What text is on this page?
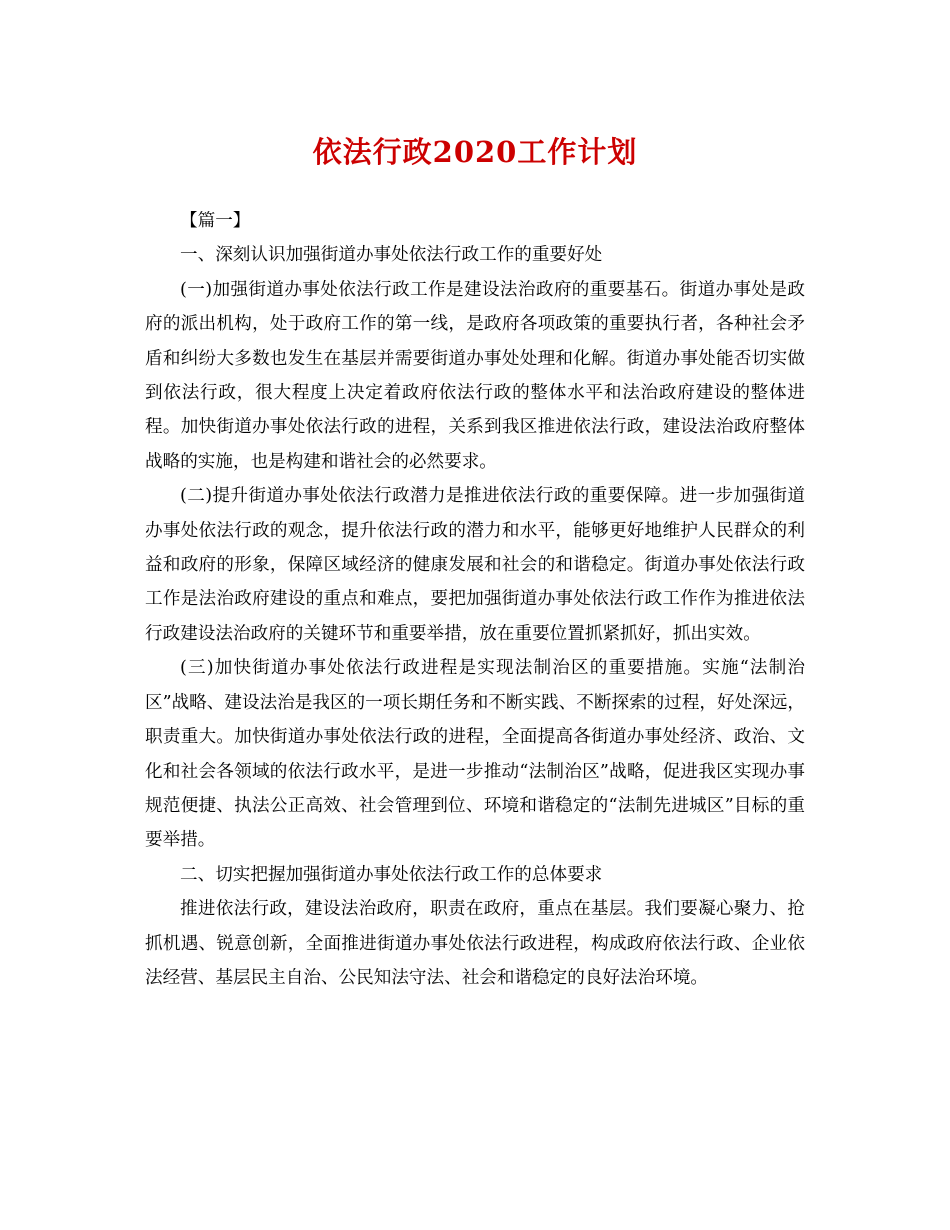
依法行政2020工作计划

【篇一】

一、深刻认识加强街道办事处依法行政工作的重要好处

(一)加强街道办事处依法行政工作是建设法治政府的重要基石。街道办事处是政府的派出机构，处于政府工作的第一线，是政府各项政策的重要执行者，各种社会矛盾和纠纷大多数也发生在基层并需要街道办事处处理和化解。街道办事处能否切实做到依法行政，很大程度上决定着政府依法行政的整体水平和法治政府建设的整体进程。加快街道办事处依法行政的进程，关系到我区推进依法行政，建设法治政府整体战略的实施，也是构建和谐社会的必然要求。

(二)提升街道办事处依法行政潜力是推进依法行政的重要保障。进一步加强街道办事处依法行政的观念，提升依法行政的潜力和水平，能够更好地维护人民群众的利益和政府的形象，保障区域经济的健康发展和社会的和谐稳定。街道办事处依法行政工作是法治政府建设的重点和难点，要把加强街道办事处依法行政工作作为推进依法行政建设法治政府的关键环节和重要举措，放在重要位置抓紧抓好，抓出实效。

(三)加快街道办事处依法行政进程是实现法制治区的重要措施。实施“法制治区”战略、建设法治是我区的一项长期任务和不断实践、不断探索的过程，好处深远，职责重大。加快街道办事处依法行政的进程，全面提高各街道办事处经济、政治、文化和社会各领域的依法行政水平，是进一步推动“法制治区”战略，促进我区实现办事规范便捷、执法公正高效、社会管理到位、环境和谐稳定的“法制先进城区”目标的重要举措。

二、切实把握加强街道办事处依法行政工作的总体要求

推进依法行政，建设法治政府，职责在政府，重点在基层。我们要凝心聚力、抢抓机遇、锐意创新，全面推进街道办事处依法行政进程，构成政府依法行政、企业依法经营、基层民主自治、公民知法守法、社会和谐稳定的良好法治环境。
